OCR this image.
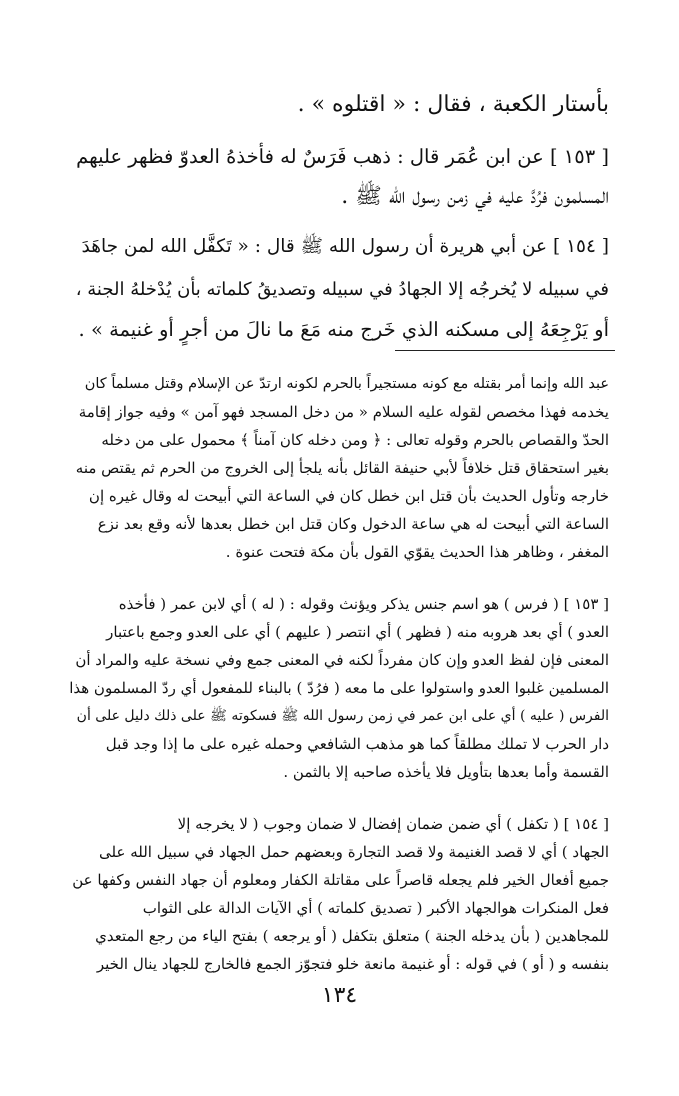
بأستار الكعبة ، فقال : « اقتلوه » .
[ ١٥٣ ] عن ابن عُمَر قال : ذهب فَرَسٌ له فأخذهُ العدوّ فظهر عليهم
المسلمون فرُدَّ عليه في زمن رسول الله ﷺ .
[ ١٥٤ ] عن أبي هريرة أن رسول الله ﷺ قال : « تَكفَّل الله لمن جاهَدَ
في سبيله لا يُخرجُه إلا الجهادُ في سبيله وتصديقُ كلماته بأن يُدْخلهُ الجنة ،
أو يَرْجِعَهُ إلى مسكنه الذي خَرج منه مَعَ ما نالَ من أجرٍ أو غنيمة » .
عبد الله وإنما أمر بقتله مع كونه مستجيراً بالحرم لكونه ارتدّ عن الإسلام وقتل مسلماً كان
يخدمه فهذا مخصص لقوله عليه السلام « من دخل المسجد فهو آمن » وفيه جواز إقامة
الحدّ والقصاص بالحرم وقوله تعالى : ﴿ ومن دخله كان آمناً ﴾ محمول على من دخله
بغير استحقاق قتل خلافاً لأبي حنيفة القائل بأنه يلجأ إلى الخروج من الحرم ثم يقتص منه
خارجه وتأول الحديث بأن قتل ابن خطل كان في الساعة التي أبيحت له وقال غيره إن
الساعة التي أبيحت له هي ساعة الدخول وكان قتل ابن خطل بعدها لأنه وقع بعد نزع
المغفر ، وظاهر هذا الحديث يقوّي القول بأن مكة فتحت عنوة .
[ ١٥٣ ] ( فرس ) هو اسم جنس يذكر ويؤنث وقوله : ( له ) أي لابن عمر ( فأخذه
العدو ) أي بعد هروبه منه ( فظهر ) أي انتصر ( عليهم ) أي على العدو وجمع باعتبار
المعنى فإن لفظ العدو وإن كان مفرداً لكنه في المعنى جمع وفي نسخة عليه والمراد أن
المسلمين غلبوا العدو واستولوا على ما معه ( فرُدّ ) بالبناء للمفعول أي ردّ المسلمون هذا
الفرس ( عليه ) أي على ابن عمر في زمن رسول الله ﷺ فسكوته ﷺ على ذلك دليل على أن
دار الحرب لا تملك مطلقاً كما هو مذهب الشافعي وحمله غيره على ما إذا وجد قبل
القسمة وأما بعدها بتأويل فلا يأخذه صاحبه إلا بالثمن .
[ ١٥٤ ] ( تكفل ) أي ضمن ضمان إفضال لا ضمان وجوب ( لا يخرجه إلا
الجهاد ) أي لا قصد الغنيمة ولا قصد التجارة وبعضهم حمل الجهاد في سبيل الله على
جميع أفعال الخير فلم يجعله قاصراً على مقاتلة الكفار ومعلوم أن جهاد النفس وكفها عن
فعل المنكرات هوالجهاد الأكبر ( تصديق كلماته ) أي الآيات الدالة على الثواب
للمجاهدين ( بأن يدخله الجنة ) متعلق بتكفل ( أو يرجعه ) بفتح الياء من رجع المتعدي
بنفسه و ( أو ) في قوله : أو غنيمة مانعة خلو فتجوّز الجمع فالخارج للجهاد ينال الخير
١٣٤
